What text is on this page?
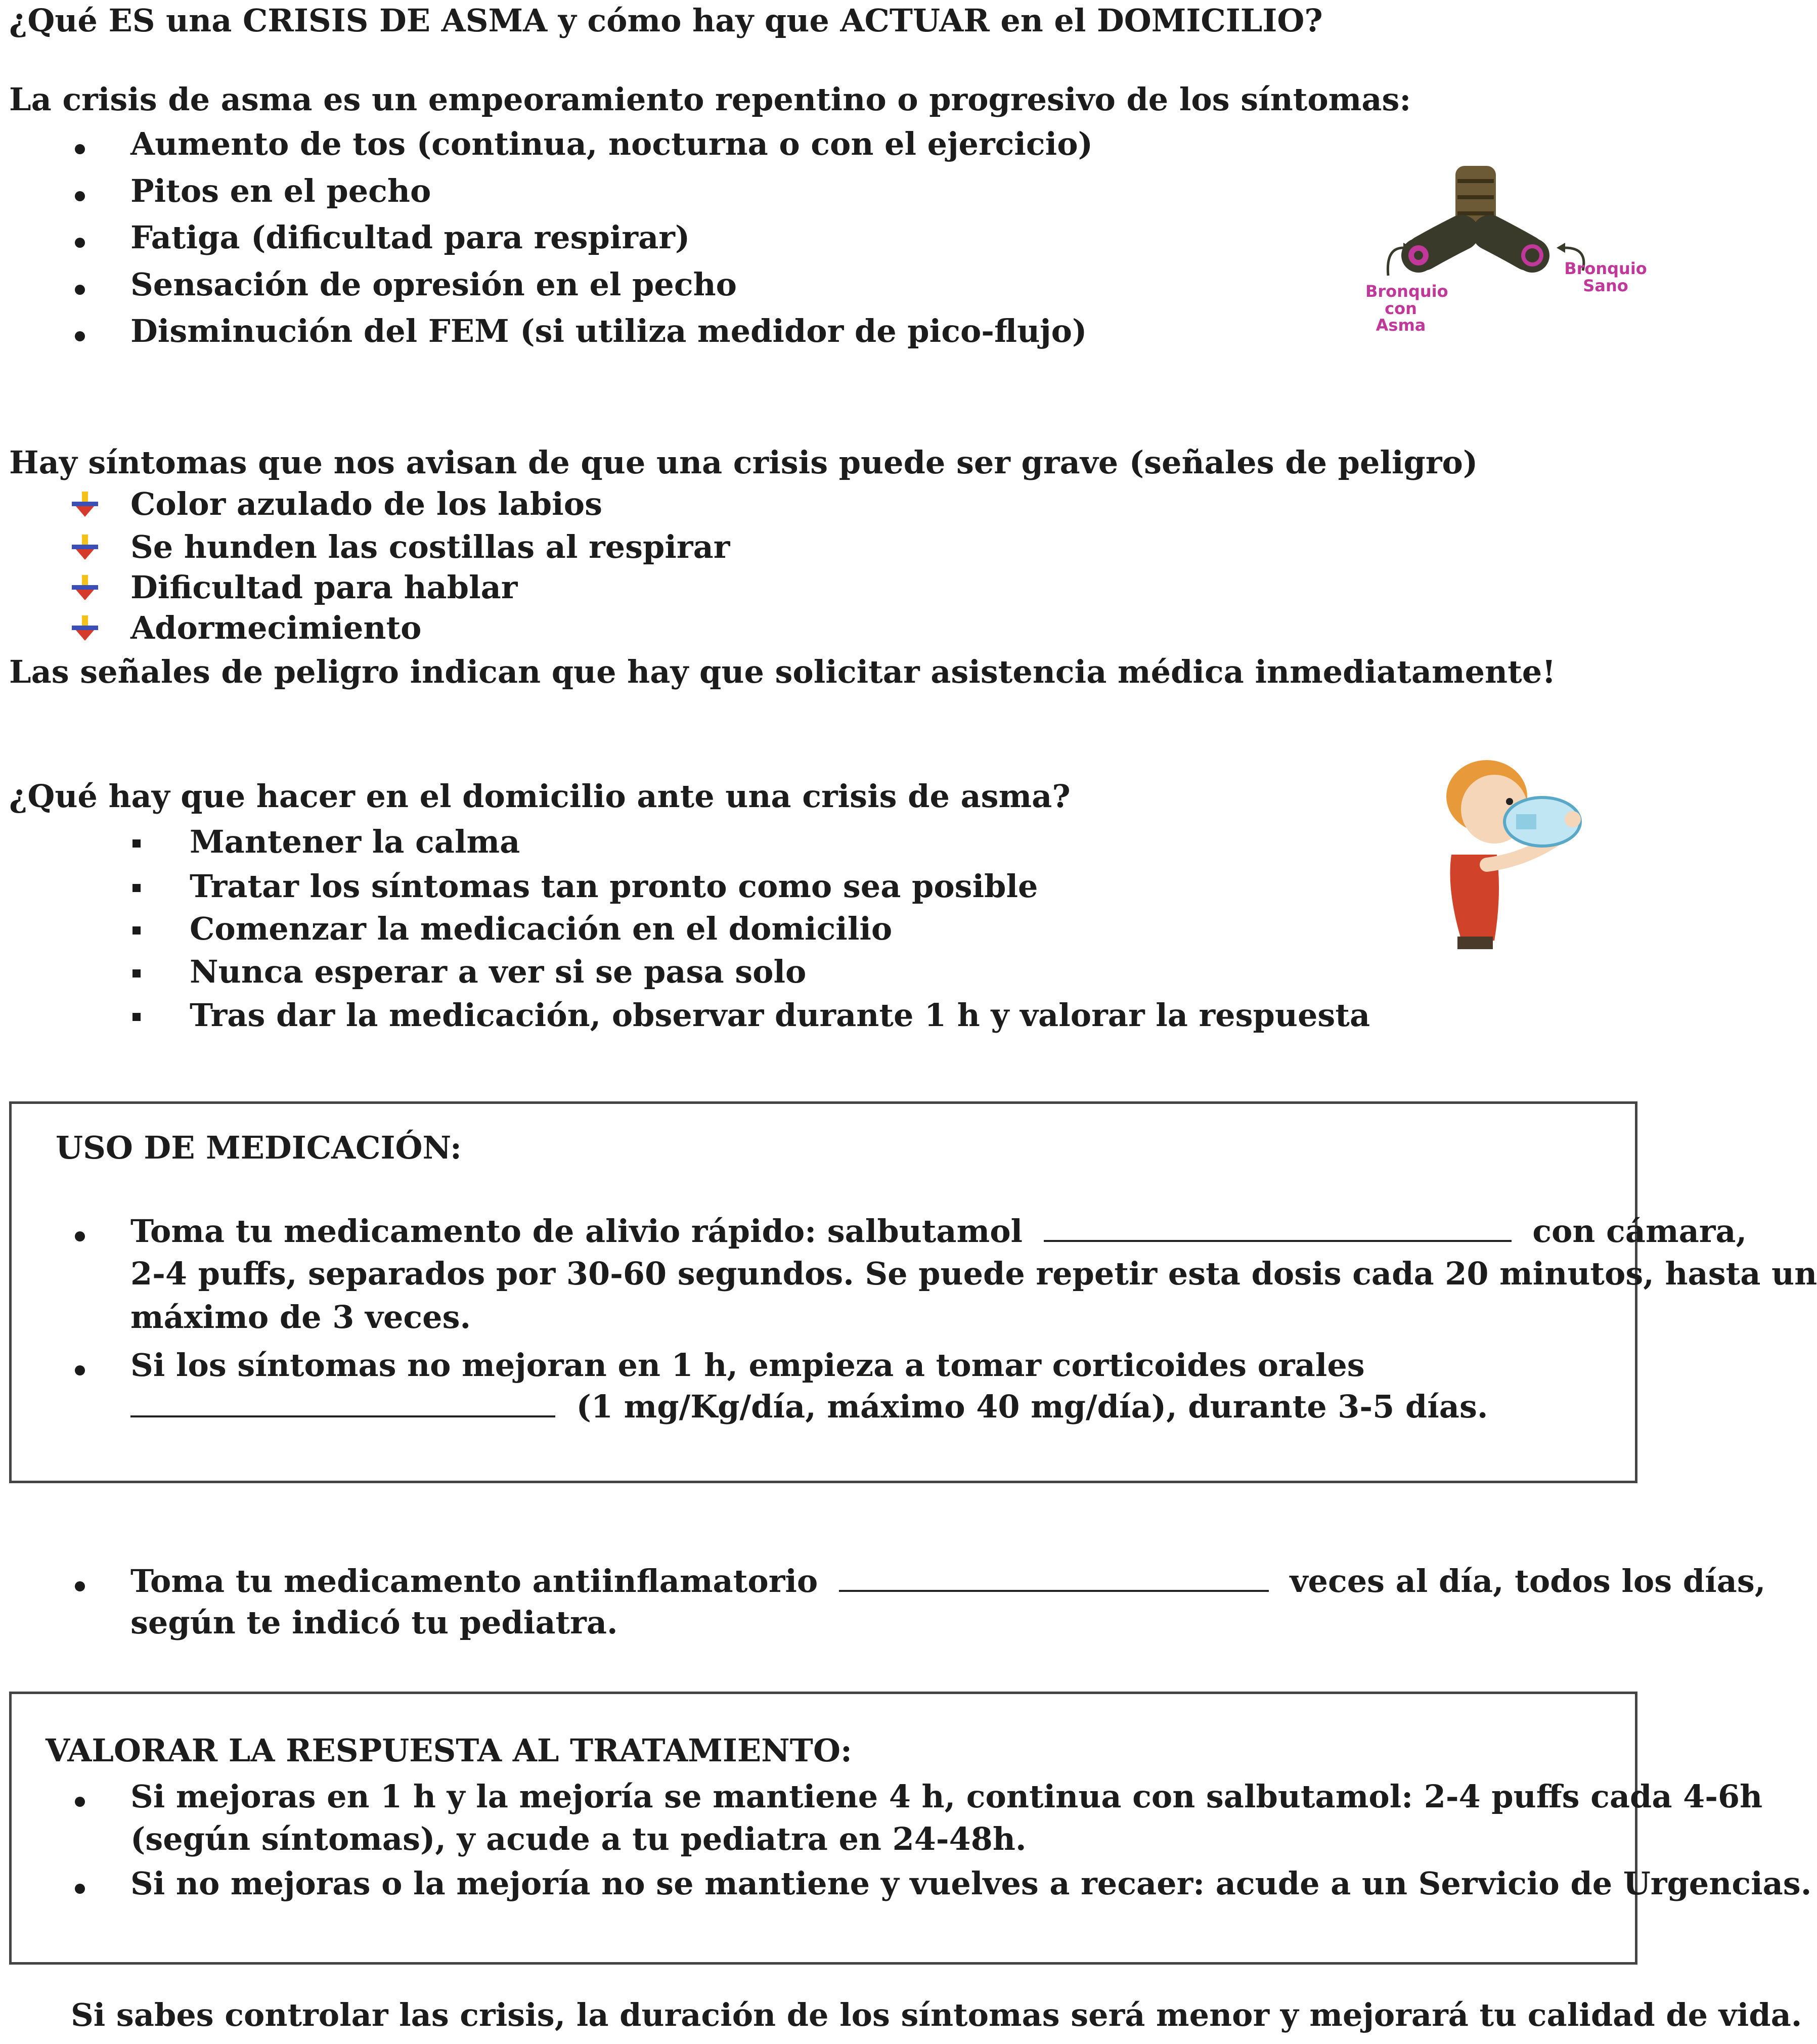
¿Qué ES una CRISIS DE ASMA y cómo hay que ACTUAR en el DOMICILIO?
La crisis de asma es un empeoramiento repentino o progresivo de los síntomas:
Aumento de tos (continua, nocturna o con el ejercicio)
Pitos en el pecho
Fatiga (dificultad para respirar)
Sensación de opresión en el pecho
Disminución del FEM (si utiliza medidor de pico-flujo)
Bronquio con Asma
Bronquio Sano
Hay síntomas que nos avisan de que una crisis puede ser grave (señales de peligro)
Color azulado de los labios
Se hunden las costillas al respirar
Dificultad para hablar
Adormecimiento
Las señales de peligro indican que hay que solicitar asistencia médica inmediatamente!
¿Qué hay que hacer en el domicilio ante una crisis de asma?
Mantener la calma
Tratar los síntomas tan pronto como sea posible
Comenzar la medicación en el domicilio
Nunca esperar a ver si se pasa solo
Tras dar la medicación, observar durante 1 h y valorar la respuesta
USO DE MEDICACIÓN:
Toma tu medicamento de alivio rápido: salbutamol	con cámara,
2-4 puffs, separados por 30-60 segundos. Se puede repetir esta dosis cada 20 minutos, hasta un
máximo de 3 veces.
Si los síntomas no mejoran en 1 h, empieza a tomar corticoides orales
(1 mg/Kg/día, máximo 40 mg/día), durante 3-5 días.
Toma tu medicamento antiinflamatorio	veces al día, todos los días,
según te indicó tu pediatra.
VALORAR LA RESPUESTA AL TRATAMIENTO:
Si mejoras en 1 h y la mejoría se mantiene 4 h, continua con salbutamol: 2-4 puffs cada 4-6h
(según síntomas), y acude a tu pediatra en 24-48h.
Si no mejoras o la mejoría no se mantiene y vuelves a recaer: acude a un Servicio de Urgencias.
Si sabes controlar las crisis, la duración de los síntomas será menor y mejorará tu calidad de vida.
